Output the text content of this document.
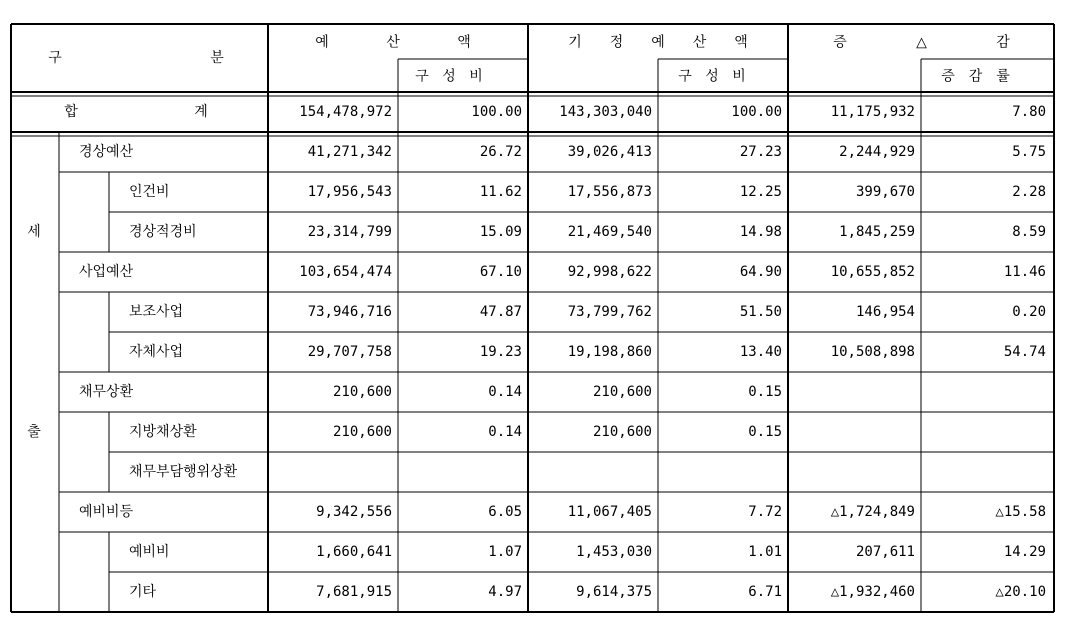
구	분
예	산	액	기 정 예 산 액	증	△	감
구 성 비	구 성 비	증 감 률
세
출
합	계	154,478,972	100.00	143,303,040	100.00	11,175,932	7.80
경상예산	41,271,342	26.72	39,026,413	27.23	2,244,929	5.75
인건비	17,956,543	11.62	17,556,873	12.25	399,670	2.28
경상적경비	23,314,799	15.09	21,469,540	14.98	1,845,259	8.59
사업예산	103,654,474	67.10	92,998,622	64.90	10,655,852	11.46
보조사업	73,946,716	47.87	73,799,762	51.50	146,954	0.20
자체사업	29,707,758	19.23	19,198,860	13.40	10,508,898	54.74
채무상환	210,600	0.14	210,600	0.15
지방채상환	210,600	0.14	210,600	0.15
채무부담행위상환
예비비등	9,342,556	6.05	11,067,405	7.72	△1,724,849	△15.58
예비비	1,660,641	1.07	1,453,030	1.01	207,611	14.29
기타	7,681,915	4.97	9,614,375	6.71	△1,932,460	△20.10
